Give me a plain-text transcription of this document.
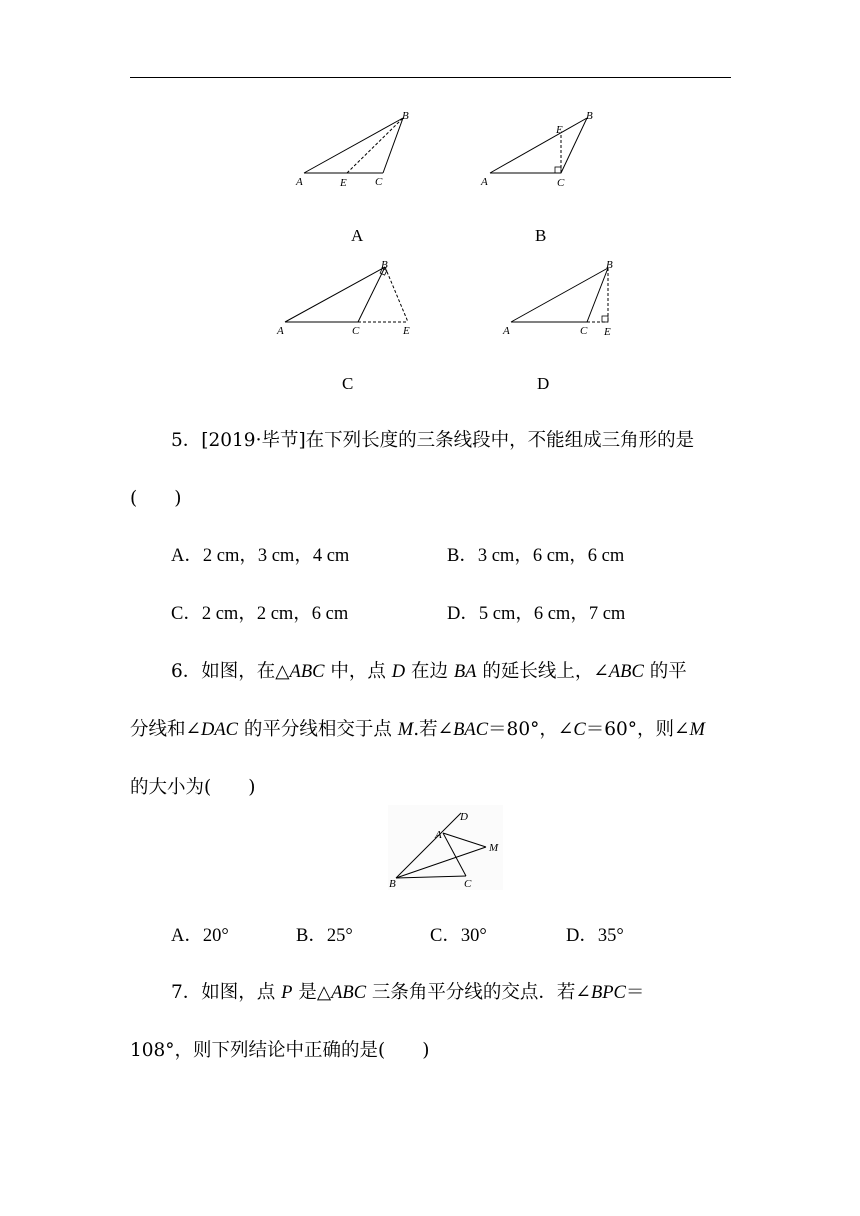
A
B
C
E
A
A
B
C
E
B
A
B
C	E
C
A
B
C E
D
5．[2019·毕节]在下列长度的三条线段中，不能组成三角形的是
(　　)
A．2 cm，3 cm，4 cm	B．3 cm，6 cm，6 cm
C．2 cm，2 cm，6 cm	D．5 cm，6 cm，7 cm
6．如图，在△ABC 中，点 D 在边 BA 的延长线上，∠ABC 的平
分线和∠DAC 的平分线相交于点 M.若∠BAC＝80°，∠C＝60°，则∠M
的大小为(　　)
A
B	C
D
M
A．20°	B．25°	C．30°	D．35°
7．如图，点 P 是△ABC 三条角平分线的交点．若∠BPC＝
108°，则下列结论中正确的是(　　)
